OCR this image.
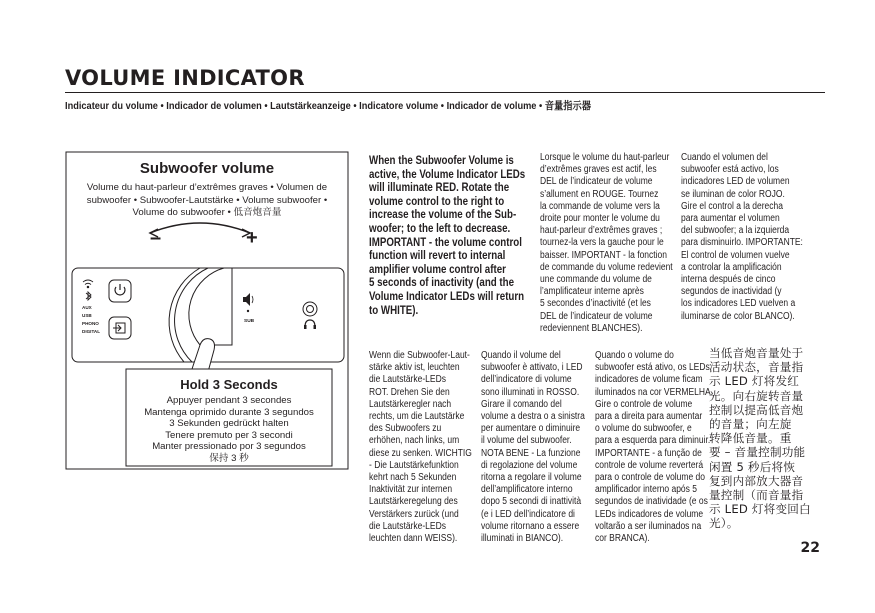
VOLUME INDICATOR

Indicateur du volume • Indicador de volumen • Lautstärkeanzeige • Indicatore volume • Indicador de volume • 音量指示器

AUX
USB
PHONO
DIGITAL
SUB

Subwoofer volume

Volume du haut-parleur d’extrêmes graves • Volumen de
subwoofer • Subwoofer-Lautstärke • Volume subwoofer •
Volume do subwoofer • 低音炮音量

–	+

Hold 3 Seconds

Appuyer pendant 3 secondes
Mantenga oprimido durante 3 segundos
3 Sekunden gedrückt halten
Tenere premuto per 3 secondi
Manter pressionado por 3 segundos
保持 3 秒

When the Subwoofer Volume is
active, the Volume Indicator LEDs
will illuminate RED. Rotate the
volume control to the right to
increase the volume of the Sub-
woofer; to the left to decrease.
IMPORTANT - the volume control
function will revert to internal
amplifier volume control after
5 seconds of inactivity (and the
Volume Indicator LEDs will return
to WHITE).

Lorsque le volume du haut-parleur
d’extrêmes graves est actif, les
DEL de l’indicateur de volume
s’allument en ROUGE. Tournez
la commande de volume vers la
droite pour monter le volume du
haut-parleur d’extrêmes graves ;
tournez-la vers la gauche pour le
baisser. IMPORTANT - la fonction
de commande du volume redevient
une commande du volume de
l’amplificateur interne après
5 secondes d’inactivité (et les
DEL de l’indicateur de volume
redeviennent BLANCHES).

Cuando el volumen del
subwoofer está activo, los
indicadores LED de volumen
se iluminan de color ROJO.
Gire el control a la derecha
para aumentar el volumen
del subwoofer; a la izquierda
para disminuirlo. IMPORTANTE:
El control de volumen vuelve
a controlar la amplificación
interna después de cinco
segundos de inactividad (y
los indicadores LED vuelven a
iluminarse de color BLANCO).

Wenn die Subwoofer-Laut-
stärke aktiv ist, leuchten
die Lautstärke-LEDs
ROT. Drehen Sie den
Lautstärkeregler nach
rechts, um die Lautstärke
des Subwoofers zu
erhöhen, nach links, um
diese zu senken. WICHTIG
- Die Lautstärkefunktion
kehrt nach 5 Sekunden
Inaktivität zur internen
Lautstärkeregelung des
Verstärkers zurück (und
die Lautstärke-LEDs
leuchten dann WEISS).

Quando il volume del
subwoofer è attivato, i LED
dell’indicatore di volume
sono illuminati in ROSSO.
Girare il comando del
volume a destra o a sinistra
per aumentare o diminuire
il volume del subwoofer.
NOTA BENE - La funzione
di regolazione del volume
ritorna a regolare il volume
dell’amplificatore interno
dopo 5 secondi di inattività
(e i LED dell’indicatore di
volume ritornano a essere
illuminati in BIANCO).

Quando o volume do
subwoofer está ativo, os LEDs
indicadores de volume ficam
iluminados na cor VERMELHA.
Gire o controle de volume
para a direita para aumentar
o volume do subwoofer, e
para a esquerda para diminuir.
IMPORTANTE - a função de
controle de volume reverterá
para o controle de volume do
amplificador interno após 5
segundos de inatividade (e os
LEDs indicadores de volume
voltarão a ser iluminados na
cor BRANCA).

当低音炮音量处于
活动状态，音量指
示 LED 灯将发红
光。向右旋转音量
控制以提高低音炮
的音量；向左旋
转降低音量。重
要 – 音量控制功能
闲置 5 秒后将恢
复到内部放大器音
量控制（而音量指
示 LED 灯将变回白
光）。

22
